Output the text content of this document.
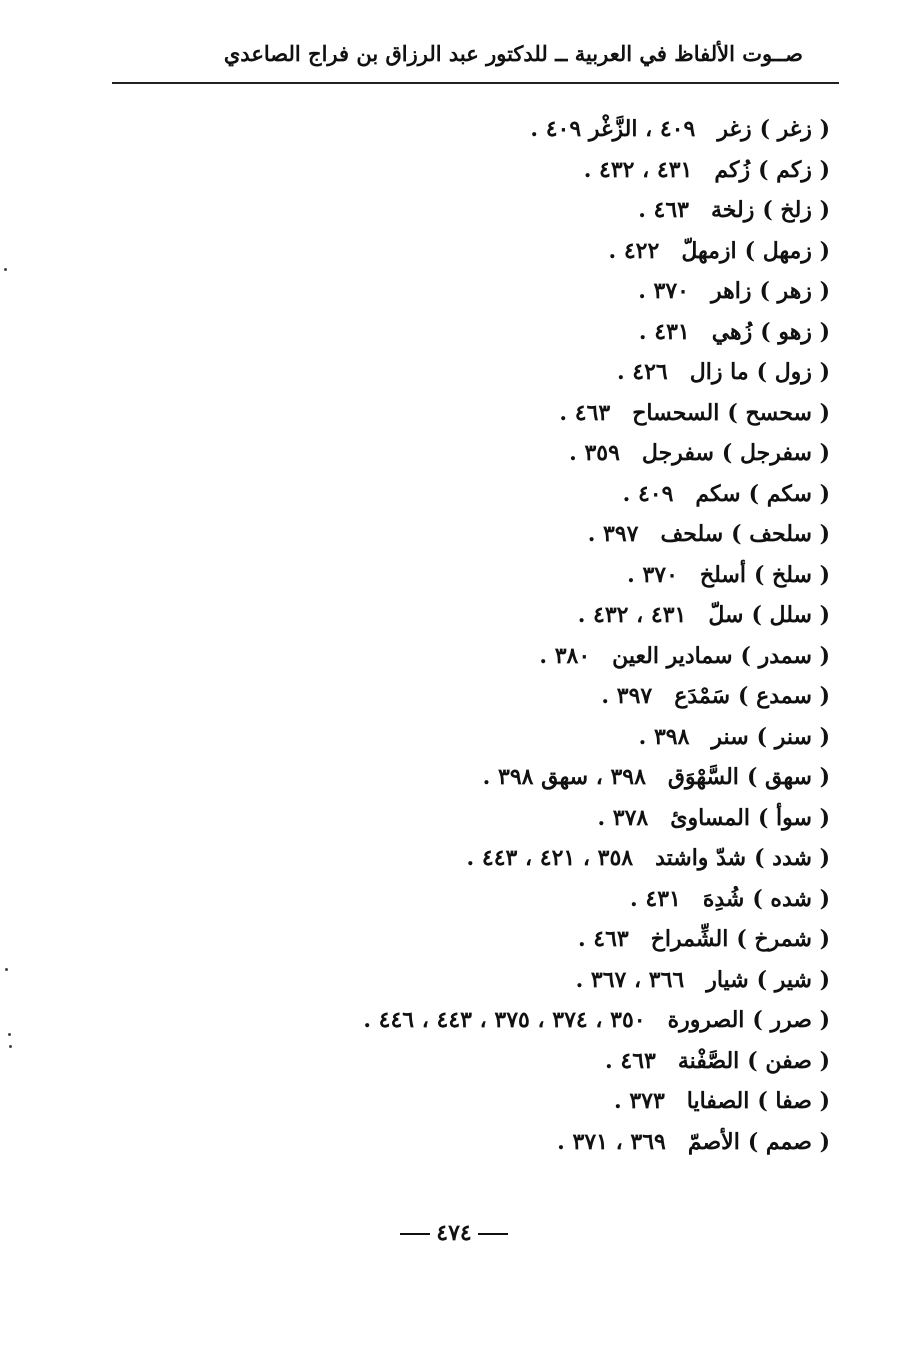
صــوت الألفاظ في العربية ــ للدكتور عبد الرزاق بن فراج الصاعدي
( زغر )زغر٤٠٩ ، الزَّغْر ٤٠٩ .
( زكم )زُكم٤٣١ ، ٤٣٢ .
( زلخ )زلخة٤٦٣ .
( زمهل )ازمهلّ٤٢٢ .
( زهر )زاهر٣٧٠ .
( زهو )زُهي٤٣١ .
( زول )ما زال٤٢٦ .
( سحسح )السحساح٤٦٣ .
( سفرجل )سفرجل٣٥٩ .
( سكم )سكم٤٠٩ .
( سلحف )سلحف٣٩٧ .
( سلخ )أسلخ٣٧٠ .
( سلل )سلّ٤٣١ ، ٤٣٢ .
( سمدر )سمادير العين٣٨٠ .
( سمدع )سَمْدَع٣٩٧ .
( سنر )سنر٣٩٨ .
( سهق )السَّهْوَق٣٩٨ ، سهق ٣٩٨ .
( سوأ )المساوئ٣٧٨ .
( شدد )شدّ واشتد٣٥٨ ، ٤٢١ ، ٤٤٣ .
( شده )شُدِهَ٤٣١ .
( شمرخ )الشِّمراخ٤٦٣ .
( شير )شيار٣٦٦ ، ٣٦٧ .
( صرر )الصرورة٣٥٠ ، ٣٧٤ ، ٣٧٥ ، ٤٤٣ ، ٤٤٦ .
( صفن )الصَّفْنة٤٦٣ .
( صفا )الصفايا٣٧٣ .
( صمم )الأصمّ٣٦٩ ، ٣٧١ .
٤٧٤
